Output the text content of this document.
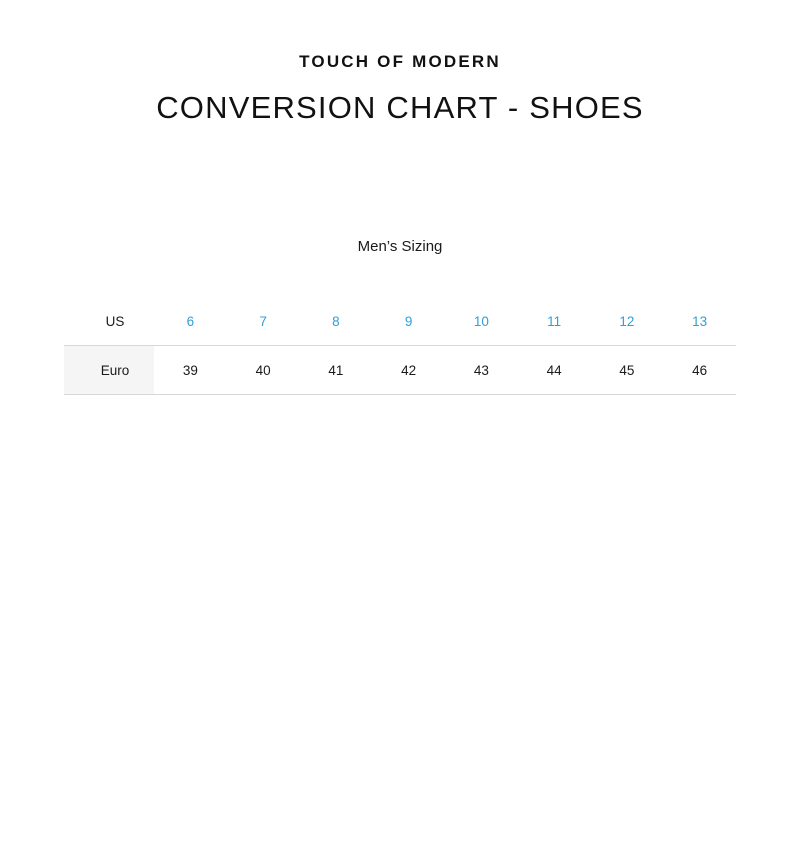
TOUCH OF MODERN
CONVERSION CHART - SHOES
Men’s Sizing
US	6	7	8	9	10	11	12	13
Euro	39	40	41	42	43	44	45	46
